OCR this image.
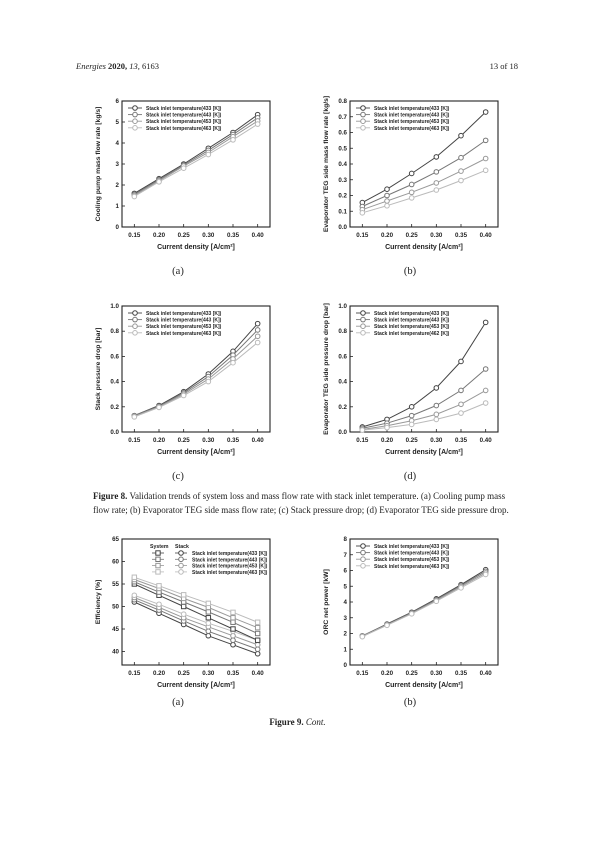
Energies 2020, 13, 6163	13 of 18
0.15 0.20 0.25 0.30 0.35 0.40
0
1
2
3
4
5
6
Current density [A/cm²]
Cooling pump mass flow rate [kg/s]	Stack inlet temperature(433 [K])
Stack inlet temperature(443 [K])
Stack inlet temperature(453 [K])
Stack inlet temperature(463 [K])
0.15 0.20 0.25 0.30 0.35 0.40
0.0
0.1
0.2
0.3
0.4
0.5
0.6
0.7
0.8
Current density [A/cm²]
Evaporator TEG side mass flow rate [kg/s]	Stack inlet temperature(433 [K])
Stack inlet temperature(443 [K])
Stack inlet temperature(453 [K])
Stack inlet temperature(463 [K])
0.15 0.20 0.25 0.30 0.35 0.40
0.0
0.2
0.4
0.6
0.8
1.0
Current density [A/cm²]
Stack pressure drop [bar]
Stack inlet temperature(433 [K])
Stack inlet temperature(443 [K])
Stack inlet temperature(453 [K])
Stack inlet temperature(463 [K])
0.15 0.20 0.25 0.30 0.35 0.40
0.0
0.2
0.4
0.6
0.8
1.0
Current density [A/cm²]
Evaporator TEG side pressure drop [bar]	Stack inlet temperature(433 [K])
Stack inlet temperature(443 [K])
Stack inlet temperature(453 [K])
Stack inlet temperature(462 [K])
(a)	(b)
(c)	(d)
Figure 8. Validation trends of system loss and mass flow rate with stack inlet temperature. (a) Cooling pump mass flow rate; (b) Evaporator TEG side mass flow rate; (c) Stack pressure drop; (d) Evaporator TEG side pressure drop.
0.15 0.20 0.25 0.30 0.35 0.40
40
45
50
55
60
65
Current density [A/cm²]
Efficiency [%]
System Stack
Stack inlet temperature(433 [K])
Stack inlet temperature(443 [K])
Stack inlet temperature(453 [K])
Stack inlet temperature(463 [K])
0.15 0.20 0.25 0.30 0.35 0.40
0
1
2
3
4
5
6
7
8
Current density [A/cm²]
ORC net power [kW]
Stack inlet temperature(433 [K])
Stack inlet temperature(443 [K])
Stack inlet temperature(453 [K])
Stack inlet temperature(463 [K])
(a)	(b)
Figure 9. Cont.
